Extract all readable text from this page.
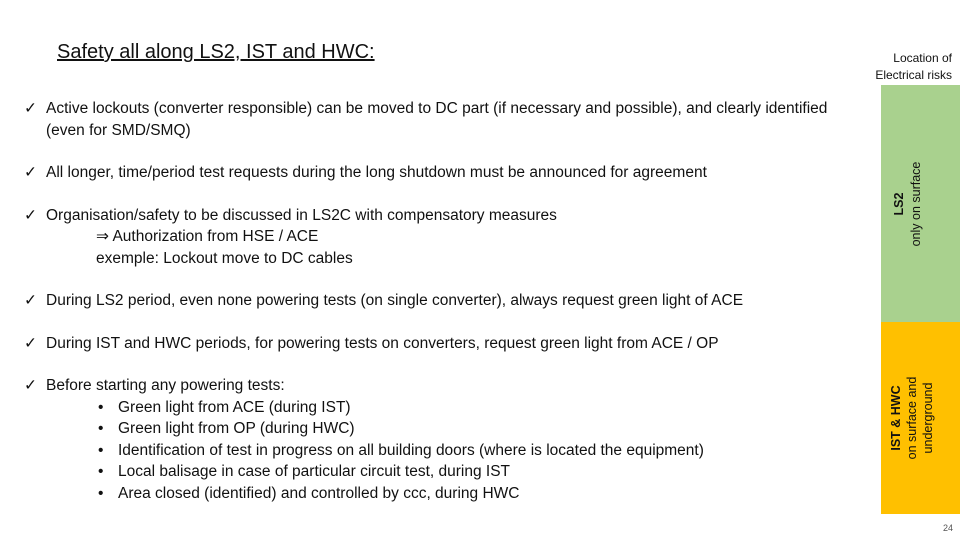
Safety all along LS2, IST and HWC:	Location of
Electrical risks
✓ Active lockouts (converter responsible) can be moved to DC part (if necessary and possible), and clearly identified (even for SMD/SMQ)
✓ All longer, time/period test requests during the long shutdown must be announced for agreement
✓ Organisation/safety to be discussed in LS2C with compensatory measures
⇒ Authorization from HSE / ACE
exemple: Lockout move to DC cables
✓ During LS2 period, even none powering tests (on single converter), always request green light of ACE
✓ During IST and HWC periods, for powering tests on converters, request green light from ACE / OP
✓ Before starting any powering tests:
• Green light from ACE (during IST)
• Green light from OP (during HWC)
• Identification of test in progress on all building doors (where is located the equipment)
• Local balisage in case of particular circuit test, during IST
• Area closed (identified) and controlled by ccc, during HWC
LS2 only on surface
IST & HWC on surface and underground
24
